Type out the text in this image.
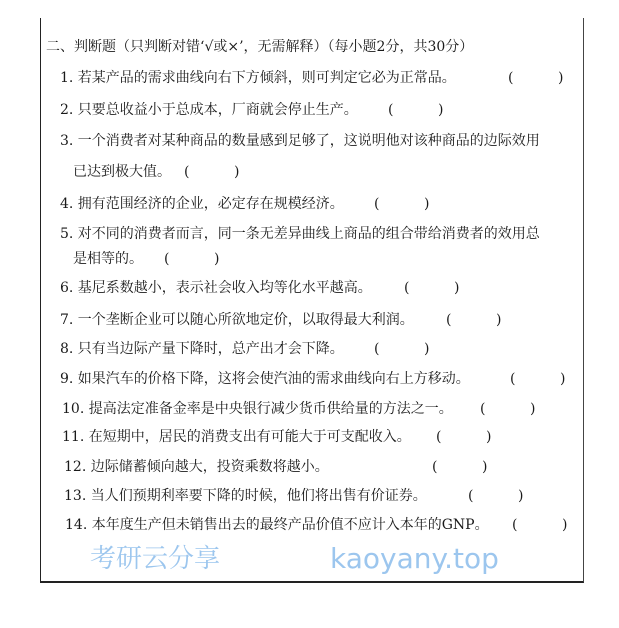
二、判断题（只判断对错‘√或×’，无需解释）（每小题2分，共30分）
1. 若某产品的需求曲线向右下方倾斜，则可判定它必为正常品。	(          )
2. 只要总收益小于总成本，厂商就会停止生产。 (          )
3. 一个消费者对某种商品的数量感到足够了，这说明他对该种商品的边际效用
已达到极大值。 (          )
4. 拥有范围经济的企业，必定存在规模经济。 (          )
5. 对不同的消费者而言，同一条无差异曲线上商品的组合带给消费者的效用总
是相等的。 (          )
6. 基尼系数越小，表示社会收入均等化水平越高。 (          )
7. 一个垄断企业可以随心所欲地定价，以取得最大利润。 (          )
8. 只有当边际产量下降时，总产出才会下降。 (          )
9. 如果汽车的价格下降，这将会使汽油的需求曲线向右上方移动。	(          )
10. 提高法定准备金率是中央银行减少货币供给量的方法之一。 (          )
11. 在短期中，居民的消费支出有可能大于可支配收入。 (          )
12. 边际储蓄倾向越大，投资乘数将越小。	(          )
13. 当人们预期利率要下降的时候，他们将出售有价证券。	(          )
14. 本年度生产但未销售出去的最终产品价值不应计入本年的GNP。 (          )
考研云分享	kaoyany.top
